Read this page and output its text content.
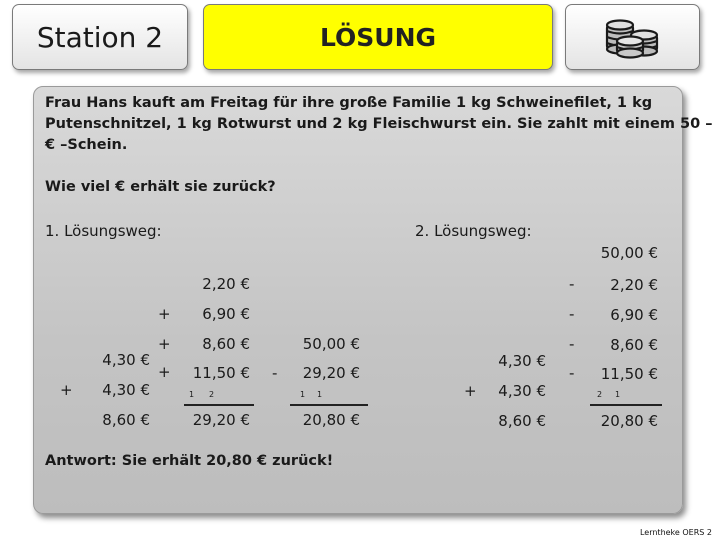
Station 2	LÖSUNG
Frau Hans kauft am Freitag für ihre große Familie 1 kg Schweinefilet, 1 kg
Putenschnitzel, 1 kg Rotwurst und 2 kg Fleischwurst ein. Sie zahlt mit einem 50 –
€ –Schein.
Wie viel € erhält sie zurück?
1. Lösungsweg:	2. Lösungsweg:
4,30 €
+	4,30 €
8,60 €
2,20 €
+	6,90 €
+	8,60 €
+	11,50 €
1 2
29,20 €
50,00 €
-	29,20 €
1 1
20,80 €
4,30 €
+	4,30 €
8,60 €
50,00 €
-	2,20 €
-	6,90 €
-	8,60 €
-	11,50 €
2 1
20,80 €
Antwort: Sie erhält 20,80 € zurück!
Lerntheke OERS 2
